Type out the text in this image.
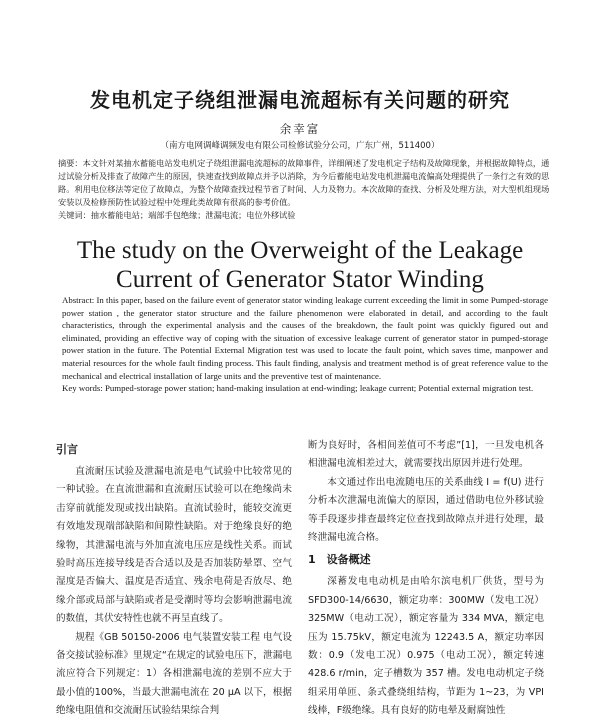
发电机定子绕组泄漏电流超标有关问题的研究
余幸富
（南方电网调峰调频发电有限公司检修试验分公司，广东广州，511400）

摘要：本文针对某抽水蓄能电站发电机定子绕组泄漏电流超标的故障事件，详细阐述了发电机定子结构及故障现象，并根据故障特点，通过试验分析及排查了故障产生的原因，快速查找到故障点并予以消除，为今后蓄能电站发电机泄漏电流偏高处理提供了一条行之有效的思路。利用电位移法等定位了故障点，为整个故障查找过程节省了时间、人力及物力。本次故障的查找、分析及处理方法，对大型机组现场安装以及检修预防性试验过程中处理此类故障有很高的参考价值。

关键词：抽水蓄能电站；端部手包绝缘；泄漏电流；电位外移试验

The study on the Overweight of the Leakage
Current of Generator Stator Winding

Abstract: In this paper, based on the failure event of generator stator winding leakage current exceeding the limit in some Pumped-storage power station , the generator stator structure and the failure phenomenon were elaborated in detail, and according to the fault characteristics, through the experimental analysis and the causes of the breakdown, the fault point was quickly figured out and eliminated, providing an effective way of coping with the situation of excessive leakage current of generator stator in pumped-storage power station in the future. The Potential External Migration test was used to locate the fault point, which saves time, manpower and material resources for the whole fault finding process. This fault finding, analysis and treatment method is of great reference value to the mechanical and electrical installation of large units and the preventive test of maintenance.

Key words: Pumped-storage power station; hand-making insulation at end-winding; leakage current; Potential external migration test.

引言

直流耐压试验及泄漏电流是电气试验中比较常见的一种试验。在直流泄漏和直流耐压试验可以在绝缘尚未击穿前就能发现或找出缺陷。直流试验时，能较交流更有效地发现端部缺陷和间隙性缺陷。对于绝缘良好的绝缘物，其泄漏电流与外加直流电压应是线性关系。而试验时高压连接导线是否合适以及是否加装防晕罩、空气湿度是否偏大、温度是否适宜、残余电荷是否放尽、绝缘介部或局部与缺陷或者是受潮时等均会影响泄漏电流的数值，其伏安特性也就不再呈直线了。

规程《GB 50150-2006 电气装置安装工程 电气设备交接试验标准》里规定“在规定的试验电压下，泄漏电流应符合下列规定：1）各相泄漏电流的差别不应大于最小值的100%，当最大泄漏电流在 20 μA 以下，根据绝缘电阻值和交流耐压试验结果综合判

断为良好时，各相间差值可不考虑”[1]，一旦发电机各相泄漏电流相差过大，就需要找出原因并进行处理。

本文通过作出电流随电压的关系曲线 I = f(U) 进行分析本次泄漏电流偏大的原因，通过借助电位外移试验等手段逐步排查最终定位查找到故障点并进行处理，最终泄漏电流合格。

1　设备概述

深蓄发电电动机是由哈尔滨电机厂供货，型号为 SFD300-14/6630，额定功率：300MW（发电工况）325MW（电动工况），额定容量为 334 MVA，额定电压为 15.75kV，额定电流为 12243.5 A，额定功率因数：0.9（发电工况）0.975（电动工况），额定转速 428.6 r/min，定子槽数为 357 槽。发电电动机定子绕组采用单匝、条式叠绕组结构，节距为 1~23，为 VPI 线棒，F级绝缘。具有良好的防电晕及耐腐蚀性
